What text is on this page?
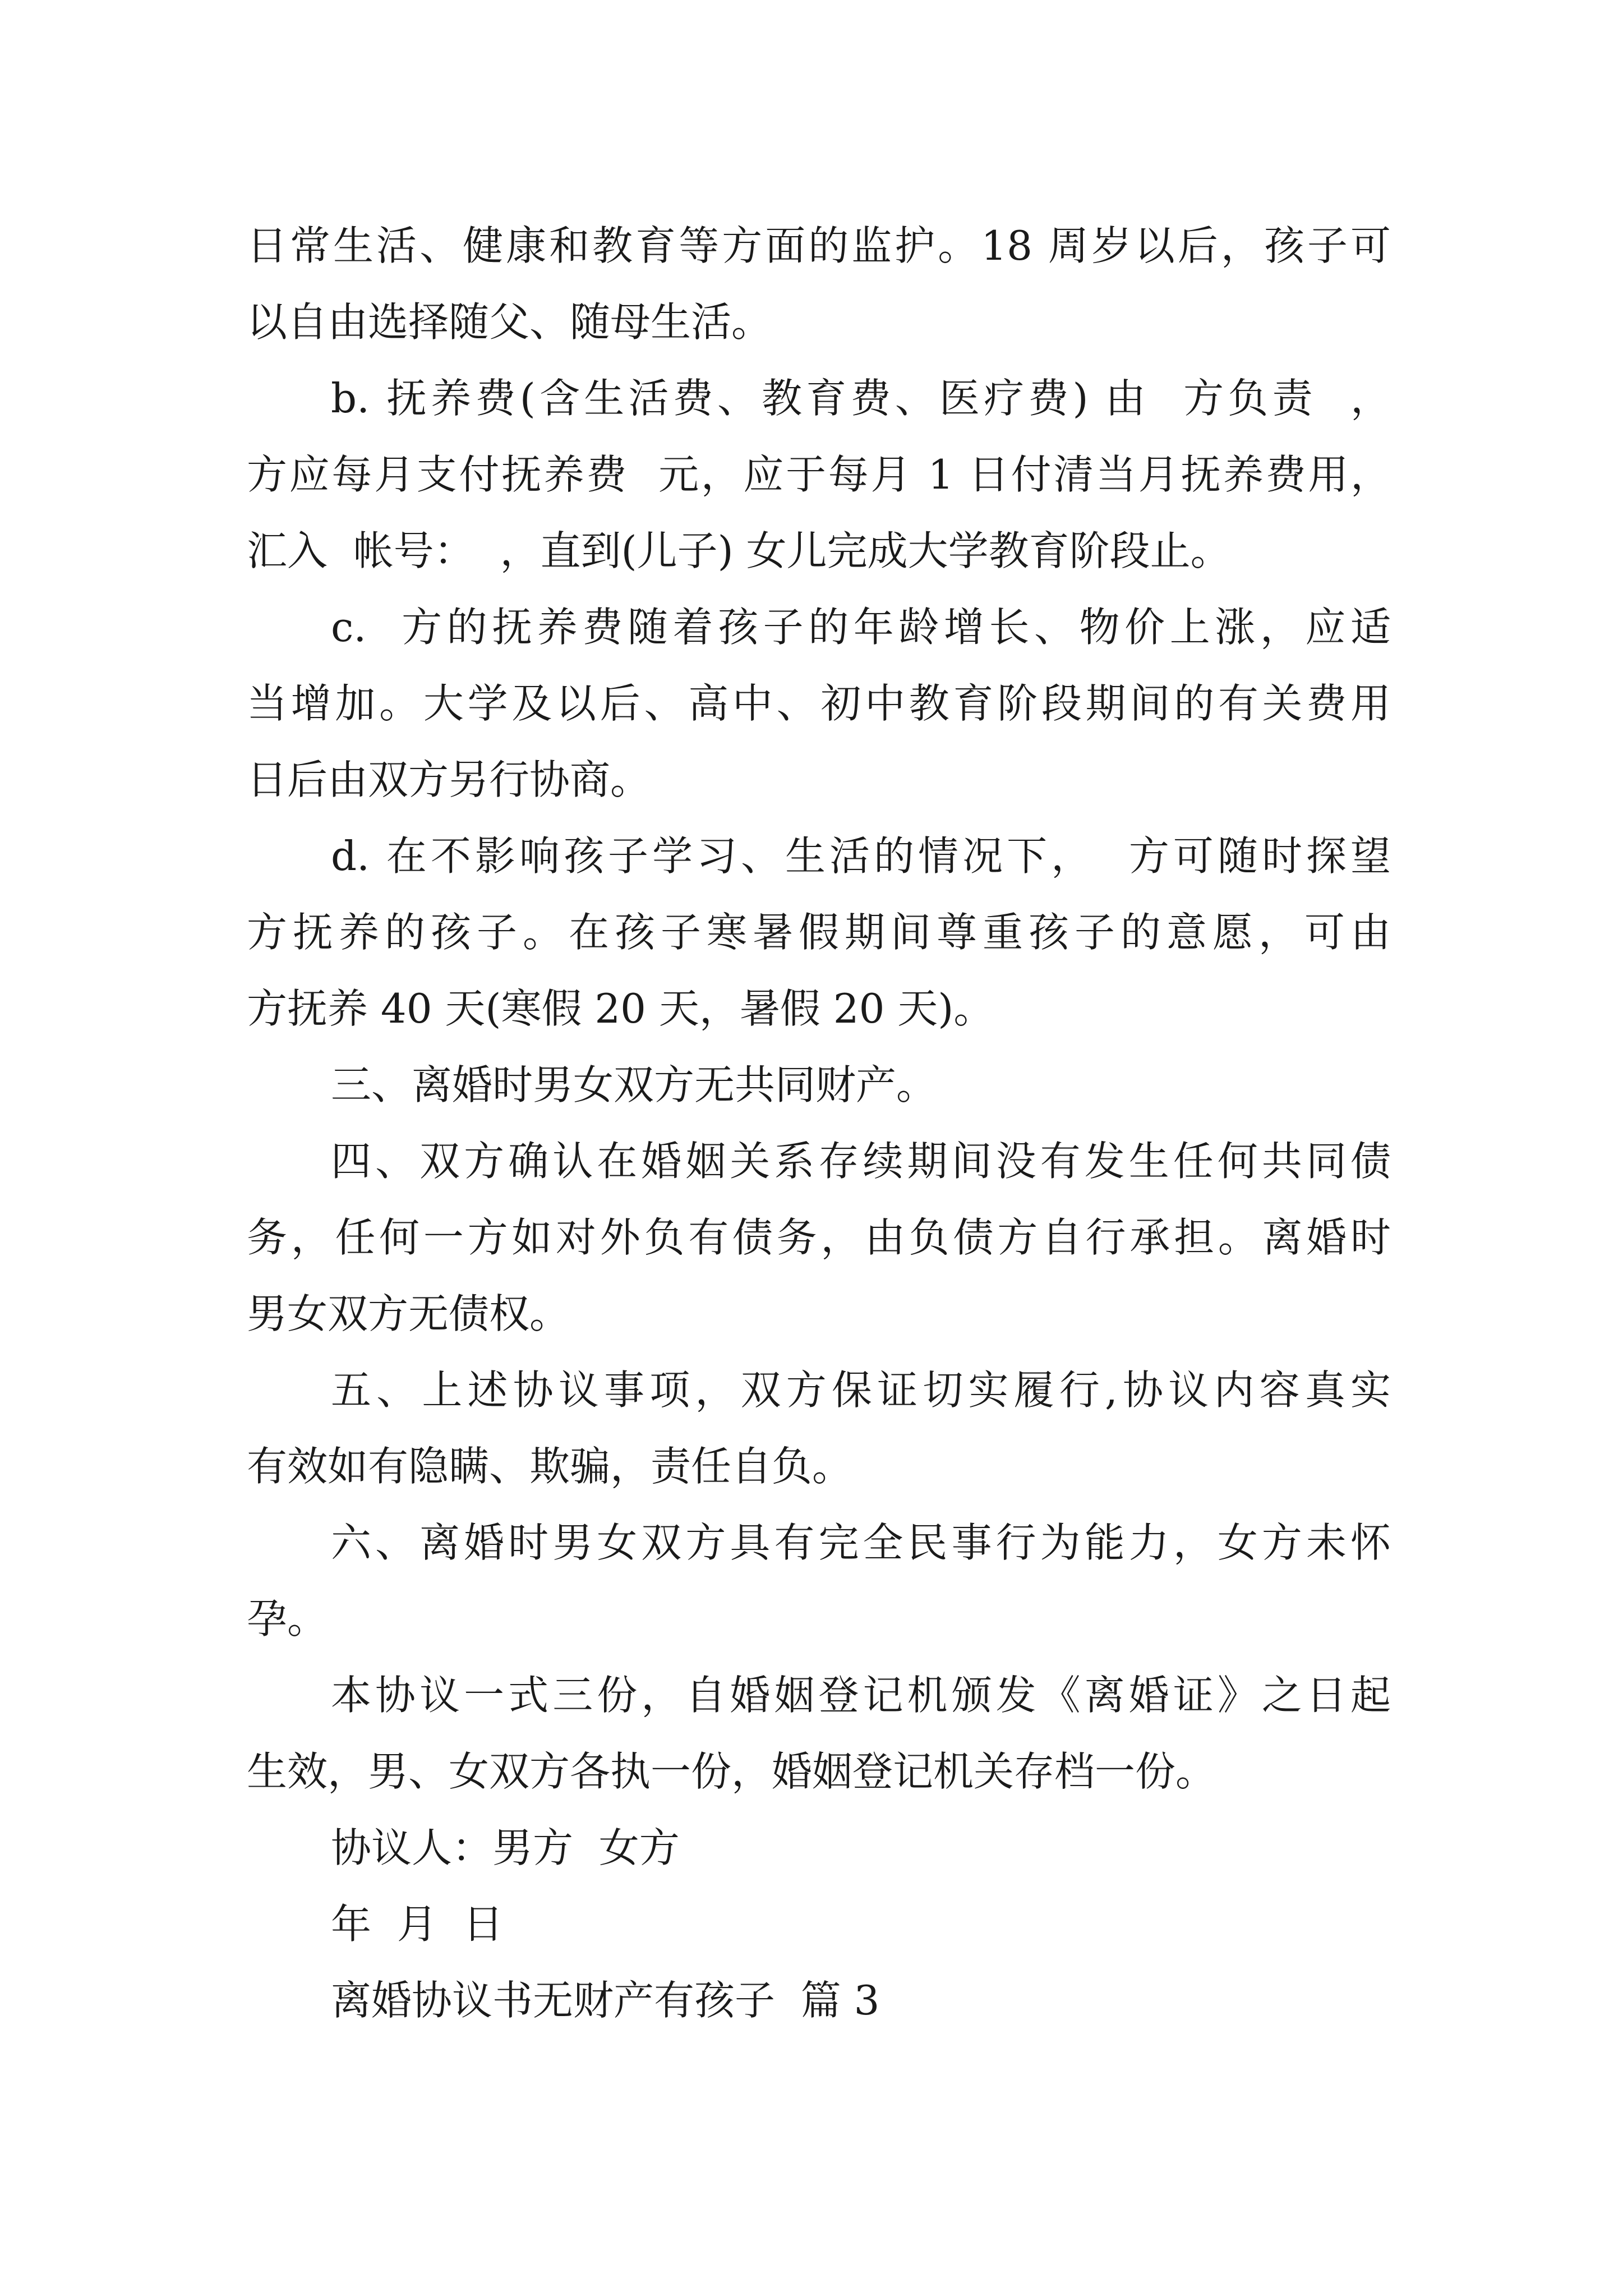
日常生活、健康和教育等方面的监护。18 周岁以后，孩子可
以自由选择随父、随母生活。
b. 抚养费(含生活费、教育费、医疗费) 由  方负责  ，
方应每月支付抚养费  元，应于每月 1 日付清当月抚养费用，
汇入  帐号：  ，直到(儿子) 女儿完成大学教育阶段止。
c.  方的抚养费随着孩子的年龄增长、物价上涨，应适
当增加。大学及以后、高中、初中教育阶段期间的有关费用
日后由双方另行协商。
d. 在不影响孩子学习、生活的情况下，  方可随时探望
方抚养的孩子。在孩子寒暑假期间尊重孩子的意愿，可由
方抚养 40 天(寒假 20 天，暑假 20 天)。
三、离婚时男女双方无共同财产。
四、双方确认在婚姻关系存续期间没有发生任何共同债
务，任何一方如对外负有债务，由负债方自行承担。离婚时
男女双方无债权。
五、上述协议事项，双方保证切实履行,协议内容真实
有效如有隐瞒、欺骗，责任自负。
六、离婚时男女双方具有完全民事行为能力，女方未怀
孕。
本协议一式三份，自婚姻登记机颁发《离婚证》之日起
生效，男、女双方各执一份，婚姻登记机关存档一份。
协议人：男方  女方
年  月  日
离婚协议书无财产有孩子  篇 3
